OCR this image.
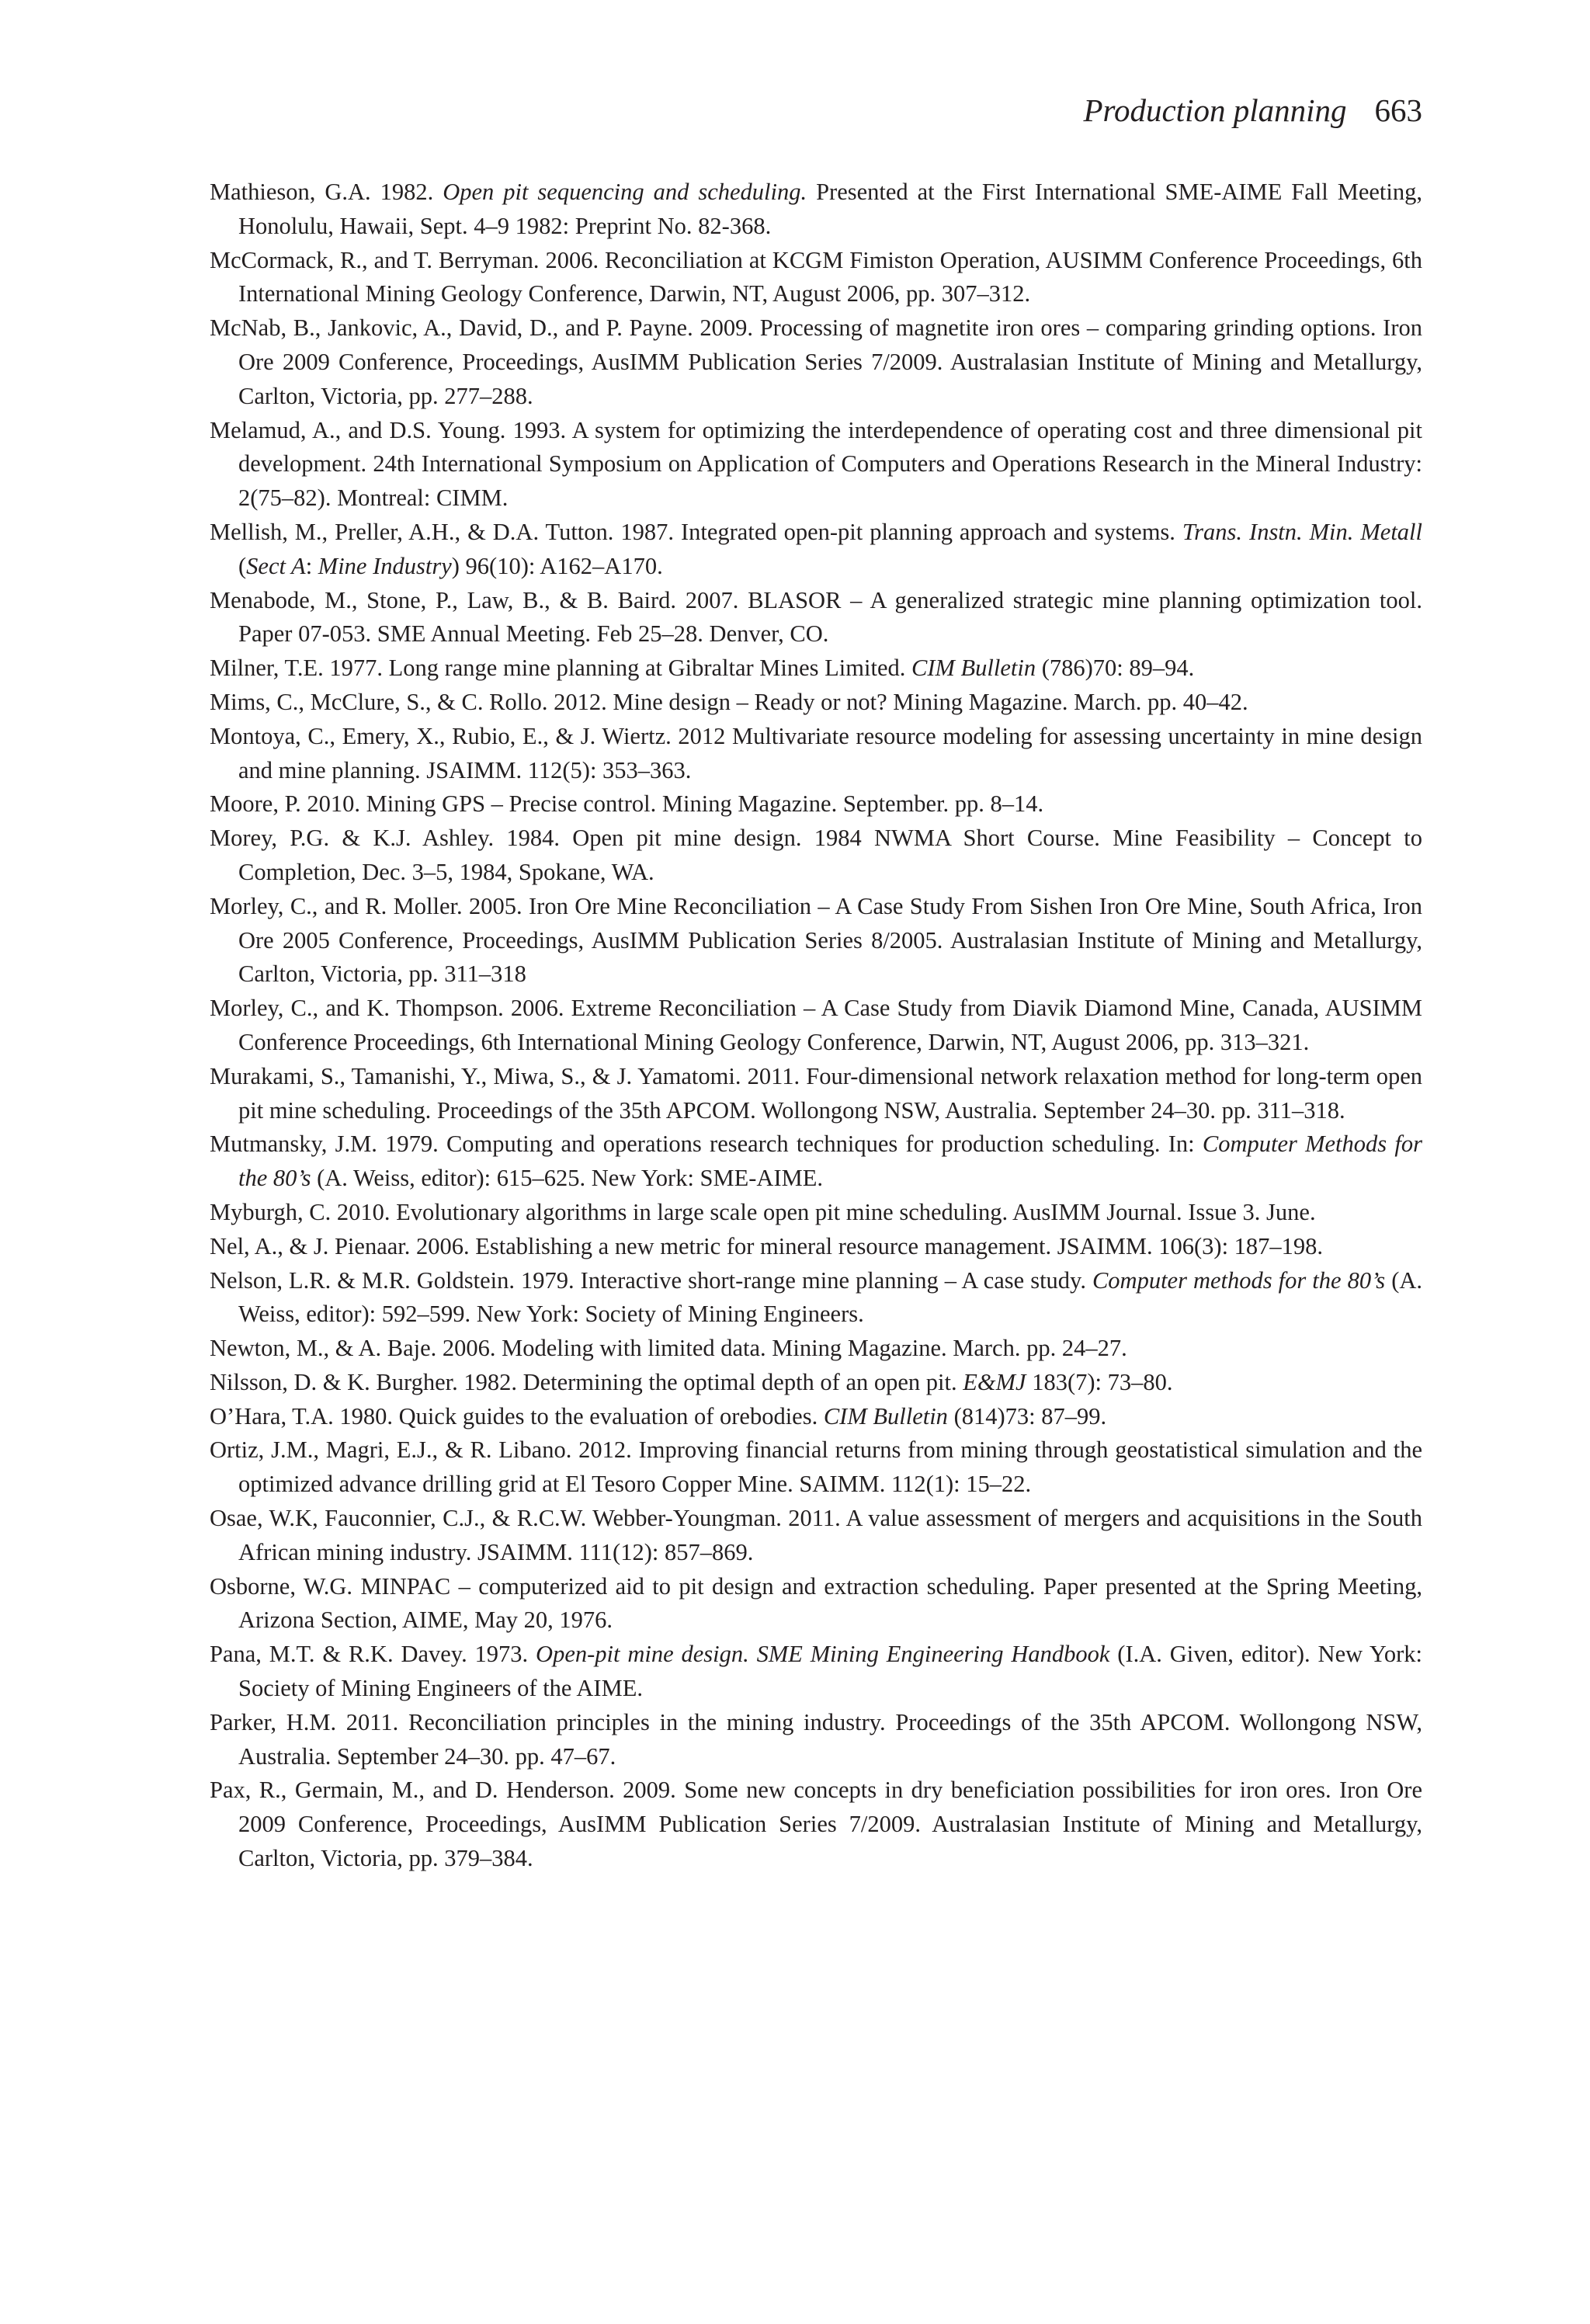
Production planning 663
Mathieson, G.A. 1982. Open pit sequencing and scheduling. Presented at the First International SME-AIME Fall Meeting, Honolulu, Hawaii, Sept. 4–9 1982: Preprint No. 82-368.
McCormack, R., and T. Berryman. 2006. Reconciliation at KCGM Fimiston Operation, AUSIMM Conference Proceedings, 6th International Mining Geology Conference, Darwin, NT, August 2006, pp. 307–312.
McNab, B., Jankovic, A., David, D., and P. Payne. 2009. Processing of magnetite iron ores – comparing grinding options. Iron Ore 2009 Conference, Proceedings, AusIMM Publication Series 7/2009. Australasian Institute of Mining and Metallurgy, Carlton, Victoria, pp. 277–288.
Melamud, A., and D.S. Young. 1993. A system for optimizing the interdependence of operating cost and three dimensional pit development. 24th International Symposium on Application of Computers and Operations Research in the Mineral Industry: 2(75–82). Montreal: CIMM.
Mellish, M., Preller, A.H., & D.A. Tutton. 1987. Integrated open-pit planning approach and systems. Trans. Instn. Min. Metall (Sect A: Mine Industry) 96(10): A162–A170.
Menabode, M., Stone, P., Law, B., & B. Baird. 2007. BLASOR – A generalized strategic mine planning optimization tool. Paper 07-053. SME Annual Meeting. Feb 25–28. Denver, CO.
Milner, T.E. 1977. Long range mine planning at Gibraltar Mines Limited. CIM Bulletin (786)70: 89–94.
Mims, C., McClure, S., & C. Rollo. 2012. Mine design – Ready or not? Mining Magazine. March. pp. 40–42.
Montoya, C., Emery, X., Rubio, E., & J. Wiertz. 2012 Multivariate resource modeling for assessing uncertainty in mine design and mine planning. JSAIMM. 112(5): 353–363.
Moore, P. 2010. Mining GPS – Precise control. Mining Magazine. September. pp. 8–14.
Morey, P.G. & K.J. Ashley. 1984. Open pit mine design. 1984 NWMA Short Course. Mine Feasibility – Concept to Completion, Dec. 3–5, 1984, Spokane, WA.
Morley, C., and R. Moller. 2005. Iron Ore Mine Reconciliation – A Case Study From Sishen Iron Ore Mine, South Africa, Iron Ore 2005 Conference, Proceedings, AusIMM Publication Series 8/2005. Australasian Institute of Mining and Metallurgy, Carlton, Victoria, pp. 311–318
Morley, C., and K. Thompson. 2006. Extreme Reconciliation – A Case Study from Diavik Diamond Mine, Canada, AUSIMM Conference Proceedings, 6th International Mining Geology Conference, Darwin, NT, August 2006, pp. 313–321.
Murakami, S., Tamanishi, Y., Miwa, S., & J. Yamatomi. 2011. Four-dimensional network relaxation method for long-term open pit mine scheduling. Proceedings of the 35th APCOM. Wollongong NSW, Australia. September 24–30. pp. 311–318.
Mutmansky, J.M. 1979. Computing and operations research techniques for production scheduling. In: Computer Methods for the 80’s (A. Weiss, editor): 615–625. New York: SME-AIME.
Myburgh, C. 2010. Evolutionary algorithms in large scale open pit mine scheduling. AusIMM Journal. Issue 3. June.
Nel, A., & J. Pienaar. 2006. Establishing a new metric for mineral resource management. JSAIMM. 106(3): 187–198.
Nelson, L.R. & M.R. Goldstein. 1979. Interactive short-range mine planning – A case study. Computer methods for the 80’s (A. Weiss, editor): 592–599. New York: Society of Mining Engineers.
Newton, M., & A. Baje. 2006. Modeling with limited data. Mining Magazine. March. pp. 24–27.
Nilsson, D. & K. Burgher. 1982. Determining the optimal depth of an open pit. E&MJ 183(7): 73–80.
O’Hara, T.A. 1980. Quick guides to the evaluation of orebodies. CIM Bulletin (814)73: 87–99.
Ortiz, J.M., Magri, E.J., & R. Libano. 2012. Improving financial returns from mining through geostatistical simulation and the optimized advance drilling grid at El Tesoro Copper Mine. SAIMM. 112(1): 15–22.
Osae, W.K, Fauconnier, C.J., & R.C.W. Webber-Youngman. 2011. A value assessment of mergers and acquisitions in the South African mining industry. JSAIMM. 111(12): 857–869.
Osborne, W.G. MINPAC – computerized aid to pit design and extraction scheduling. Paper presented at the Spring Meeting, Arizona Section, AIME, May 20, 1976.
Pana, M.T. & R.K. Davey. 1973. Open-pit mine design. SME Mining Engineering Handbook (I.A. Given, editor). New York: Society of Mining Engineers of the AIME.
Parker, H.M. 2011. Reconciliation principles in the mining industry. Proceedings of the 35th APCOM. Wollongong NSW, Australia. September 24–30. pp. 47–67.
Pax, R., Germain, M., and D. Henderson. 2009. Some new concepts in dry beneficiation possibilities for iron ores. Iron Ore 2009 Conference, Proceedings, AusIMM Publication Series 7/2009. Australasian Institute of Mining and Metallurgy, Carlton, Victoria, pp. 379–384.
